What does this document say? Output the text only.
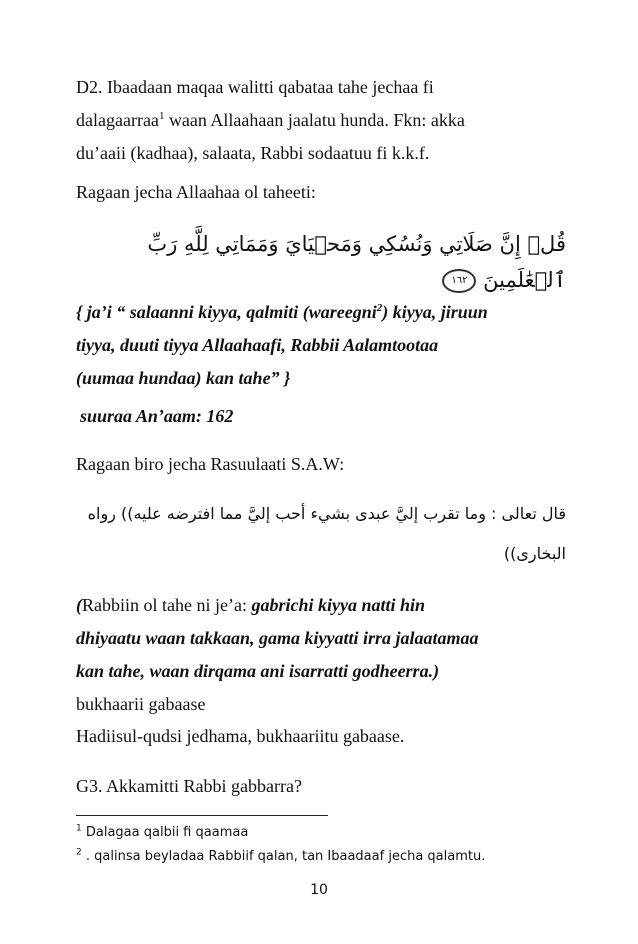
D2. Ibaadaan maqaa walitti qabataa tahe jechaa fi
dalagaarraa$^1$ waan Allaahaan jaalatu hunda. Fkn: akka
du’aaii (kadhaa), salaata, Rabbi sodaatuu fi k.k.f.
Ragaan jecha Allaahaa ol taheeti:
قُلۡ إِنَّ صَلَاتِي وَنُسُكِي وَمَحۡيَايَ وَمَمَاتِي لِلَّهِ رَبِّ ٱلۡعَٰلَمِينَ ١٦٢
{ ja’i “ salaanni kiyya, qalmiti (wareegni$^2$) kiyya, jiruun
tiyya, duuti tiyya Allaahaafi, Rabbii Aalamtootaa
(uumaa hundaa) kan tahe” }
suuraa An’aam: 162
Ragaan biro jecha Rasuulaati S.A.W:
قال تعالى : وما تقرب إليَّ عبدى بشيء أحب إليَّ مما افترضه عليه)) رواه
البخارى))
(Rabbiin ol tahe ni je’a: gabrichi kiyya natti hin
dhiyaatu waan takkaan, gama kiyyatti irra jalaatamaa
kan tahe, waan dirqama ani isarratti godheerra.)
bukhaarii gabaase
Hadiisul-qudsi jedhama, bukhaariitu gabaase.
G3. Akkamitti Rabbi gabbarra?
$^1$ Dalagaa qalbii fi qaamaa
$^2$ . qalinsa beyladaa Rabbiif qalan, tan Ibaadaaf jecha qalamtu.
10
